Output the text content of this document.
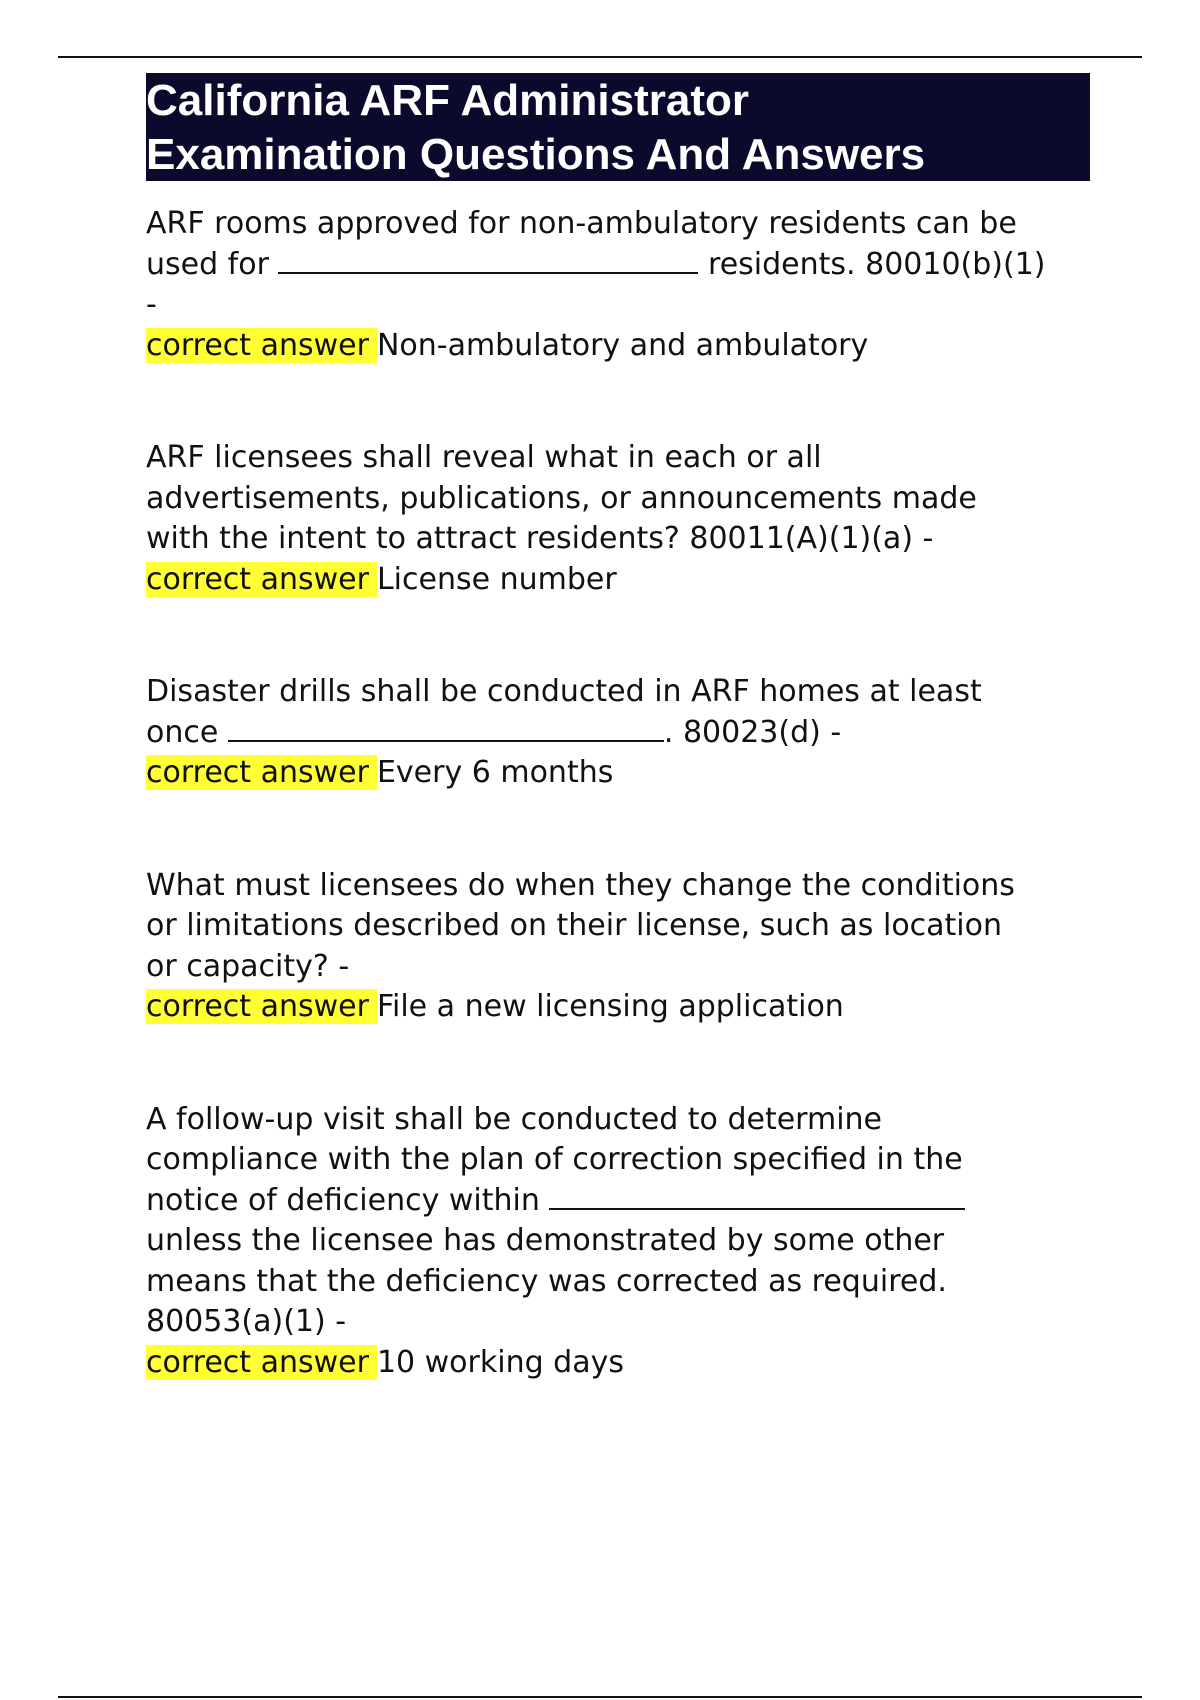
California ARF Administrator
Examination Questions And Answers
ARF rooms approved for non-ambulatory residents can be
used for	residents. 80010(b)(1)
-
correct answer Non-ambulatory and ambulatory
ARF licensees shall reveal what in each or all
advertisements, publications, or announcements made
with the intent to attract residents? 80011(A)(1)(a) -
correct answer License number
Disaster drills shall be conducted in ARF homes at least
once	. 80023(d) -
correct answer Every 6 months
What must licensees do when they change the conditions
or limitations described on their license, such as location
or capacity? -
correct answer File a new licensing application
A follow-up visit shall be conducted to determine
compliance with the plan of correction specified in the
notice of deficiency within
unless the licensee has demonstrated by some other
means that the deficiency was corrected as required.
80053(a)(1) -
correct answer 10 working days
